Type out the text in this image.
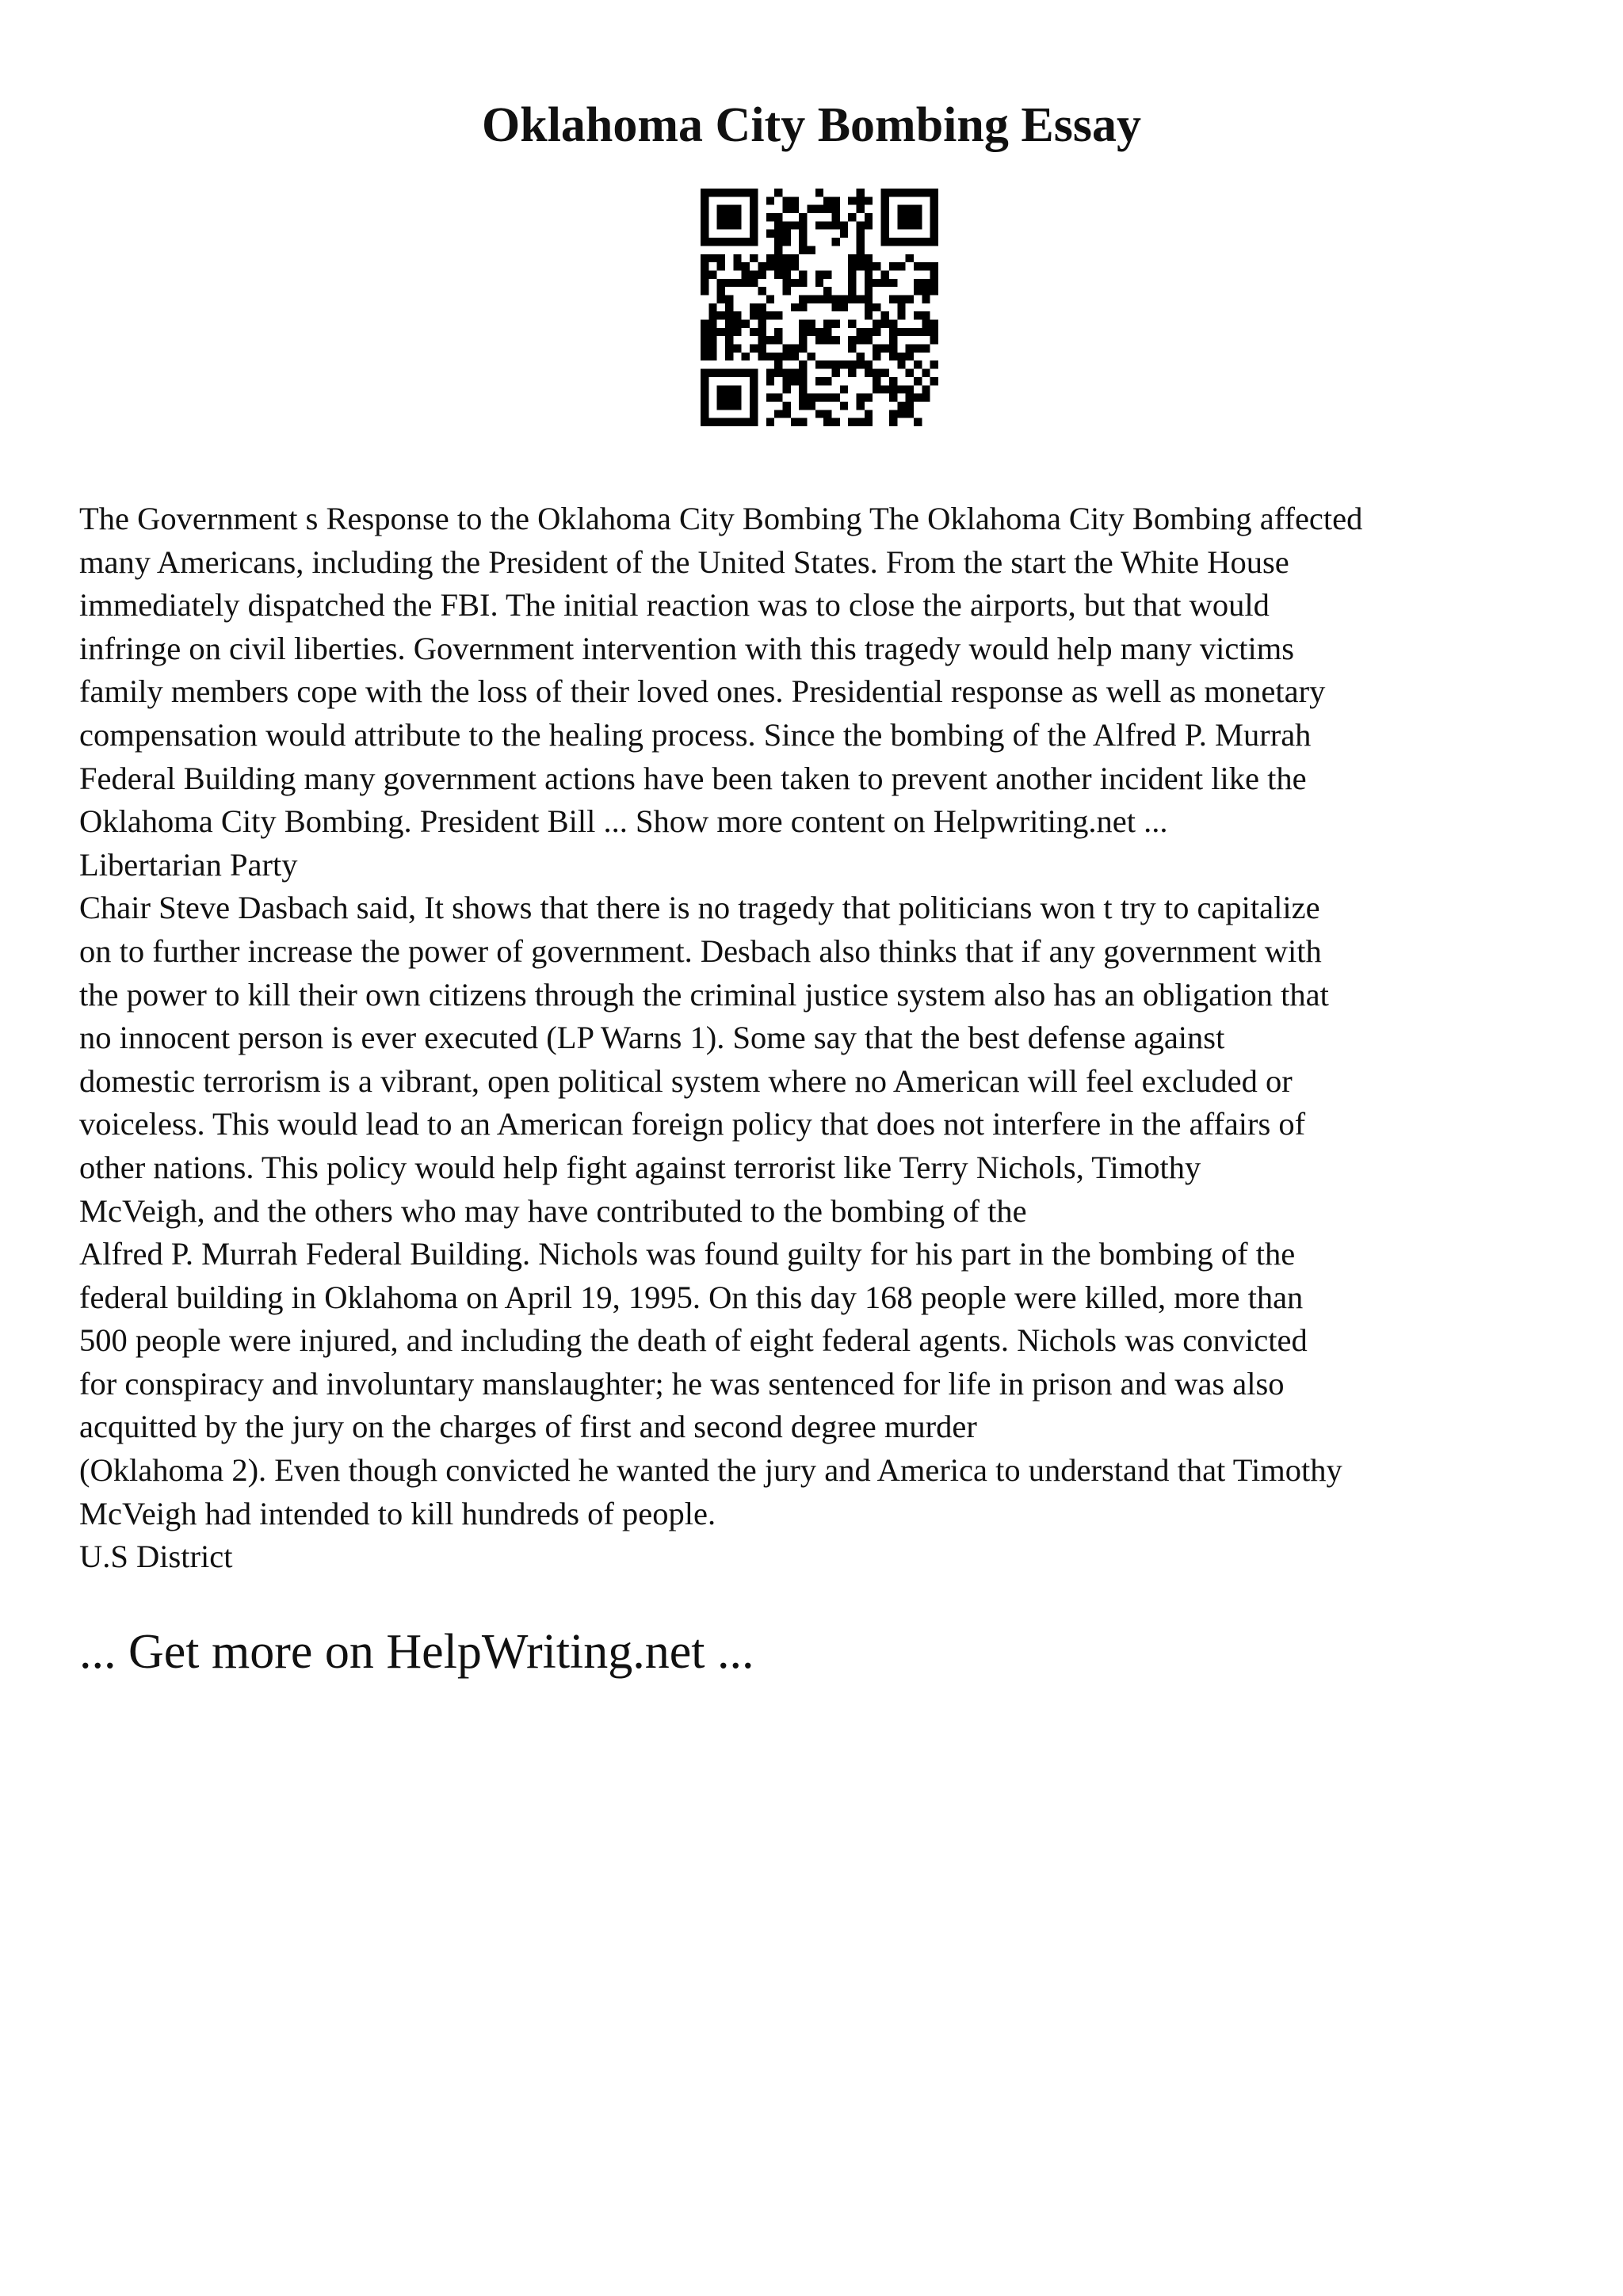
Oklahoma City Bombing Essay

The Government s Response to the Oklahoma City Bombing The Oklahoma City Bombing affected

many Americans, including the President of the United States. From the start the White House

immediately dispatched the FBI. The initial reaction was to close the airports, but that would

infringe on civil liberties. Government intervention with this tragedy would help many victims

family members cope with the loss of their loved ones. Presidential response as well as monetary

compensation would attribute to the healing process. Since the bombing of the Alfred P. Murrah

Federal Building many government actions have been taken to prevent another incident like the

Oklahoma City Bombing. President Bill ... Show more content on Helpwriting.net ...

Libertarian Party

Chair Steve Dasbach said, It shows that there is no tragedy that politicians won t try to capitalize

on to further increase the power of government. Desbach also thinks that if any government with

the power to kill their own citizens through the criminal justice system also has an obligation that

no innocent person is ever executed (LP Warns 1). Some say that the best defense against

domestic terrorism is a vibrant, open political system where no American will feel excluded or

voiceless. This would lead to an American foreign policy that does not interfere in the affairs of

other nations. This policy would help fight against terrorist like Terry Nichols, Timothy

McVeigh, and the others who may have contributed to the bombing of the

Alfred P. Murrah Federal Building. Nichols was found guilty for his part in the bombing of the

federal building in Oklahoma on April 19, 1995. On this day 168 people were killed, more than

500 people were injured, and including the death of eight federal agents. Nichols was convicted

for conspiracy and involuntary manslaughter; he was sentenced for life in prison and was also

acquitted by the jury on the charges of first and second degree murder

(Oklahoma 2). Even though convicted he wanted the jury and America to understand that Timothy

McVeigh had intended to kill hundreds of people.

U.S District

... Get more on HelpWriting.net ...
